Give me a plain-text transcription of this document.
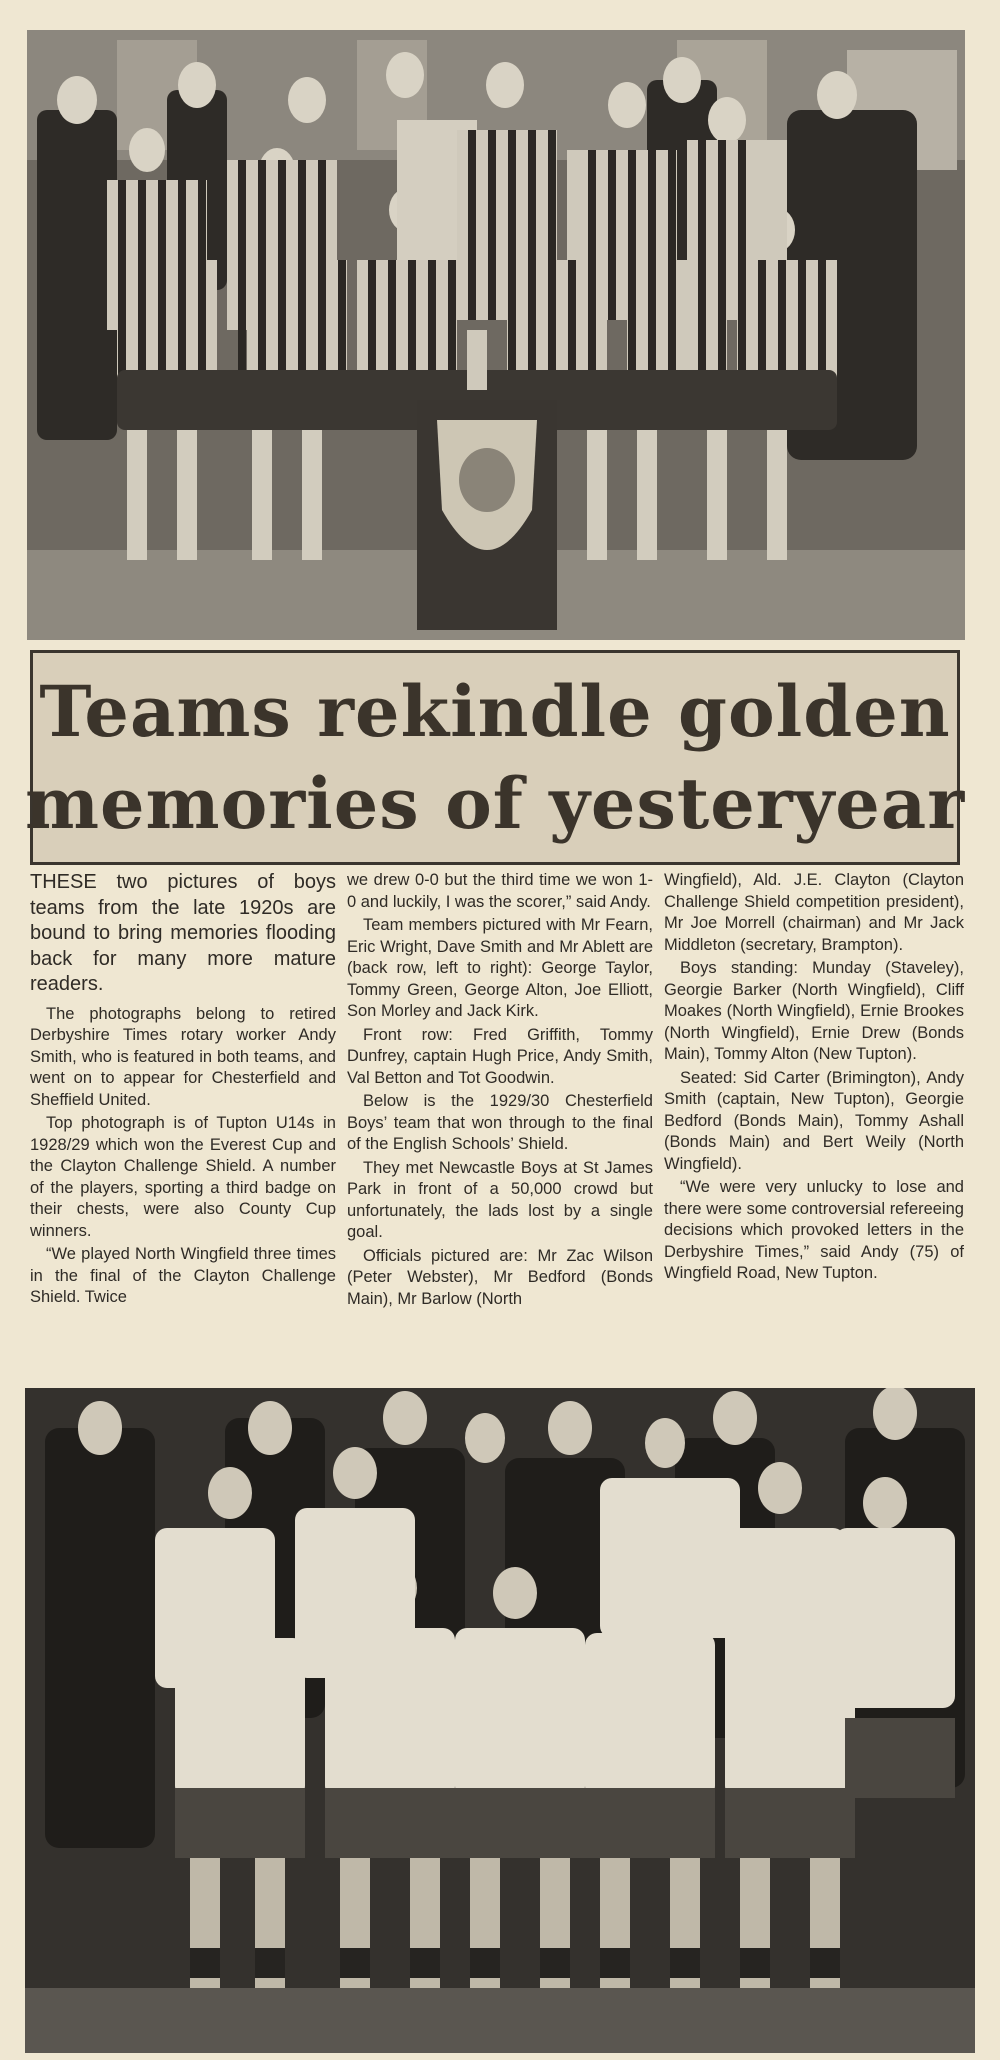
Teams rekindle golden
memories of yesteryear

THESE two pictures of boys teams from the late 1920s are bound to bring memories flooding back for many more mature readers.

The photographs belong to retired Derbyshire Times rotary worker Andy Smith, who is featured in both teams, and went on to appear for Chesterfield and Sheffield United.

Top photograph is of Tupton U14s in 1928/29 which won the Everest Cup and the Clayton Challenge Shield. A number of the players, sporting a third badge on their chests, were also County Cup winners.

“We played North Wingfield three times in the final of the Clayton Challenge Shield. Twice

we drew 0-0 but the third time we won 1-0 and luckily, I was the scorer,” said Andy.

Team members pictured with Mr Fearn, Eric Wright, Dave Smith and Mr Ablett are (back row, left to right): George Taylor, Tommy Green, George Alton, Joe Elliott, Son Morley and Jack Kirk.

Front row: Fred Griffith, Tommy Dunfrey, captain Hugh Price, Andy Smith, Val Betton and Tot Goodwin.

Below is the 1929/30 Chesterfield Boys’ team that won through to the final of the English Schools’ Shield.

They met Newcastle Boys at St James Park in front of a 50,000 crowd but unfortunately, the lads lost by a single goal.

Officials pictured are: Mr Zac Wilson (Peter Webster), Mr Bedford (Bonds Main), Mr Barlow (North

Wingfield), Ald. J.E. Clayton (Clayton Challenge Shield competition president), Mr Joe Morrell (chairman) and Mr Jack Middleton (secretary, Brampton).

Boys standing: Munday (Staveley), Georgie Barker (North Wingfield), Cliff Moakes (North Wingfield), Ernie Brookes (North Wingfield), Ernie Drew (Bonds Main), Tommy Alton (New Tupton).

Seated: Sid Carter (Brimington), Andy Smith (captain, New Tupton), Georgie Bedford (Bonds Main), Tommy Ashall (Bonds Main) and Bert Weily (North Wingfield).

“We were very unlucky to lose and there were some controversial refereeing decisions which provoked letters in the Derbyshire Times,” said Andy (75) of Wingfield Road, New Tupton.
